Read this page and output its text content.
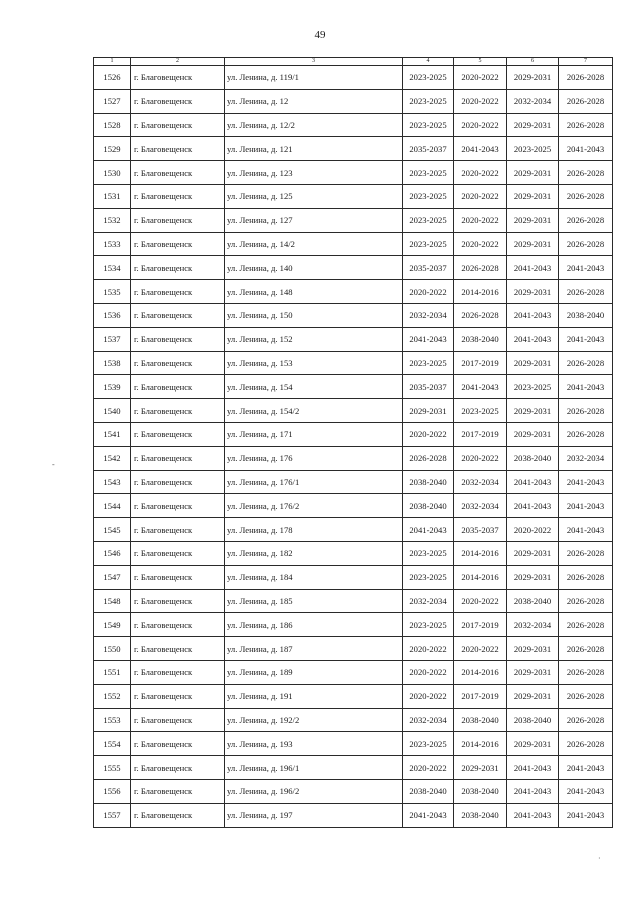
49
1	2	3	4	5	6	7
1526	г. Благовещенск	ул. Ленина, д. 119/1	2023-2025	2020-2022	2029-2031	2026-2028
1527	г. Благовещенск	ул. Ленина, д. 12	2023-2025	2020-2022	2032-2034	2026-2028
1528	г. Благовещенск	ул. Ленина, д. 12/2	2023-2025	2020-2022	2029-2031	2026-2028
1529	г. Благовещенск	ул. Ленина, д. 121	2035-2037	2041-2043	2023-2025	2041-2043
1530	г. Благовещенск	ул. Ленина, д. 123	2023-2025	2020-2022	2029-2031	2026-2028
1531	г. Благовещенск	ул. Ленина, д. 125	2023-2025	2020-2022	2029-2031	2026-2028
1532	г. Благовещенск	ул. Ленина, д. 127	2023-2025	2020-2022	2029-2031	2026-2028
1533	г. Благовещенск	ул. Ленина, д. 14/2	2023-2025	2020-2022	2029-2031	2026-2028
1534	г. Благовещенск	ул. Ленина, д. 140	2035-2037	2026-2028	2041-2043	2041-2043
1535	г. Благовещенск	ул. Ленина, д. 148	2020-2022	2014-2016	2029-2031	2026-2028
1536	г. Благовещенск	ул. Ленина, д. 150	2032-2034	2026-2028	2041-2043	2038-2040
1537	г. Благовещенск	ул. Ленина, д. 152	2041-2043	2038-2040	2041-2043	2041-2043
1538	г. Благовещенск	ул. Ленина, д. 153	2023-2025	2017-2019	2029-2031	2026-2028
1539	г. Благовещенск	ул. Ленина, д. 154	2035-2037	2041-2043	2023-2025	2041-2043
1540	г. Благовещенск	ул. Ленина, д. 154/2	2029-2031	2023-2025	2029-2031	2026-2028
1541	г. Благовещенск	ул. Ленина, д. 171	2020-2022	2017-2019	2029-2031	2026-2028
1542	г. Благовещенск	ул. Ленина, д. 176	2026-2028	2020-2022	2038-2040	2032-2034
1543	г. Благовещенск	ул. Ленина, д. 176/1	2038-2040	2032-2034	2041-2043	2041-2043
1544	г. Благовещенск	ул. Ленина, д. 176/2	2038-2040	2032-2034	2041-2043	2041-2043
1545	г. Благовещенск	ул. Ленина, д. 178	2041-2043	2035-2037	2020-2022	2041-2043
1546	г. Благовещенск	ул. Ленина, д. 182	2023-2025	2014-2016	2029-2031	2026-2028
1547	г. Благовещенск	ул. Ленина, д. 184	2023-2025	2014-2016	2029-2031	2026-2028
1548	г. Благовещенск	ул. Ленина, д. 185	2032-2034	2020-2022	2038-2040	2026-2028
1549	г. Благовещенск	ул. Ленина, д. 186	2023-2025	2017-2019	2032-2034	2026-2028
1550	г. Благовещенск	ул. Ленина, д. 187	2020-2022	2020-2022	2029-2031	2026-2028
1551	г. Благовещенск	ул. Ленина, д. 189	2020-2022	2014-2016	2029-2031	2026-2028
1552	г. Благовещенск	ул. Ленина, д. 191	2020-2022	2017-2019	2029-2031	2026-2028
1553	г. Благовещенск	ул. Ленина, д. 192/2	2032-2034	2038-2040	2038-2040	2026-2028
1554	г. Благовещенск	ул. Ленина, д. 193	2023-2025	2014-2016	2029-2031	2026-2028
1555	г. Благовещенск	ул. Ленина, д. 196/1	2020-2022	2029-2031	2041-2043	2041-2043
1556	г. Благовещенск	ул. Ленина, д. 196/2	2038-2040	2038-2040	2041-2043	2041-2043
1557	г. Благовещенск	ул. Ленина, д. 197	2041-2043	2038-2040	2041-2043	2041-2043
-
·
